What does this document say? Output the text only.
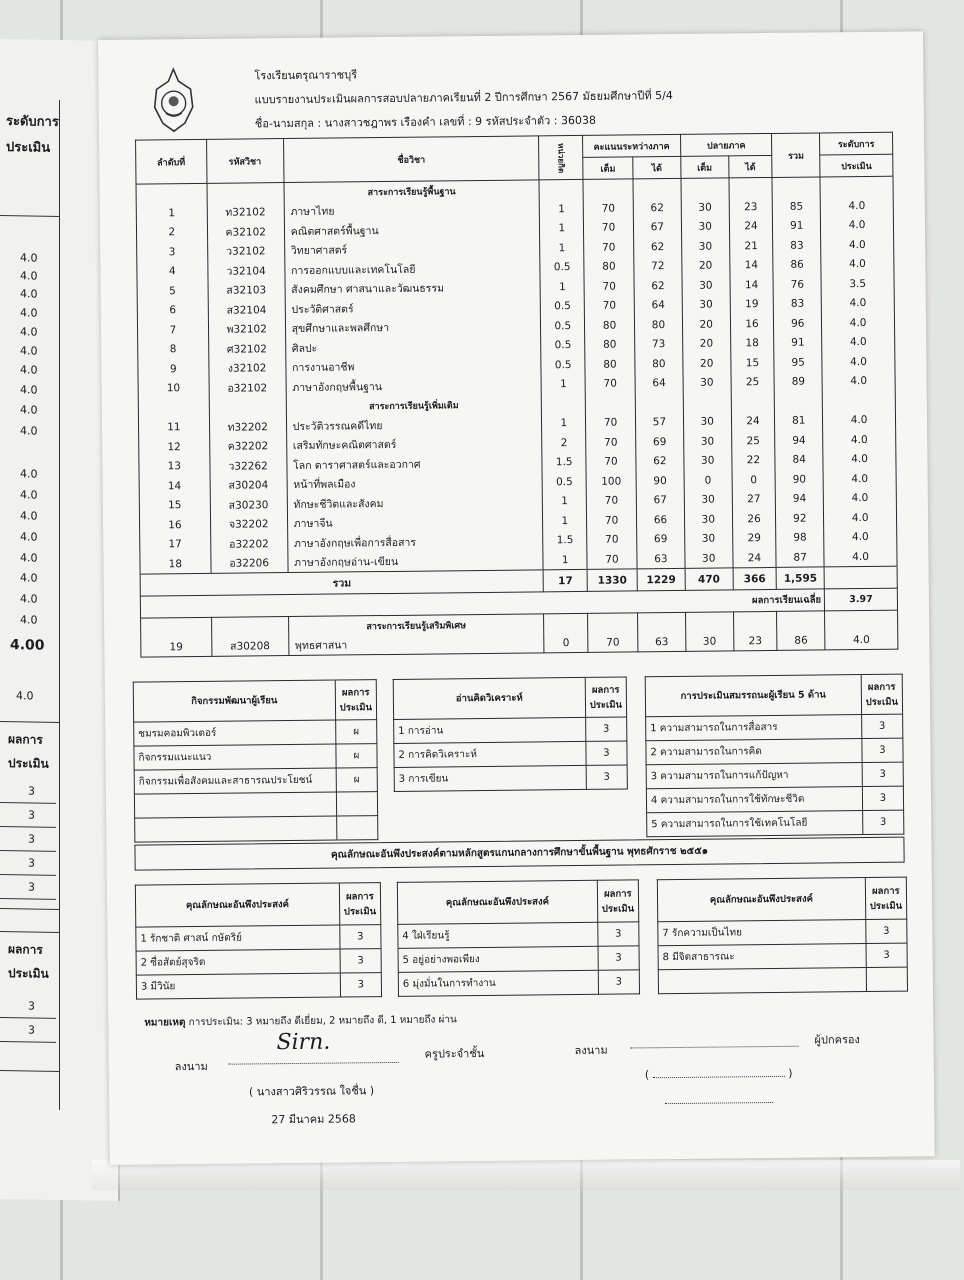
ระดับการ
ประเมิน
4.0
4.0
4.0
4.0
4.0
4.0
4.0
4.0
4.0
4.0
4.0
4.0
4.0
4.0
4.0
4.0
4.0
4.0
4.00
4.0
ผลการ
ประเมิน
3
3
3
3
3
ผลการ
ประเมิน
3
3
โรงเรียนตรุณาราชบุรี
แบบรายงานประเมินผลการสอบปลายภาคเรียนที่ 2 ปีการศึกษา 2567 มัธยมศึกษาปีที่ 5/4
ชื่อ-นามสกุล : นางสาวชฎาพร เรืองคำ เลขที่ : 9 รหัสประจำตัว : 36038
ลำดับที่	รหัสวิชา	ชื่อวิชา	หน่วยกิต	คะแนนระหว่างภาค		ปลายภาค		รวม	ระดับการ
				เต็ม	ได้	เต็ม	ได้		ประเมิน
		สาระการเรียนรู้พื้นฐาน							
1	ท32102	ภาษาไทย	1	70	62	30	23	85	4.0
2	ค32102	คณิตศาสตร์พื้นฐาน	1	70	67	30	24	91	4.0
3	ว32102	วิทยาศาสตร์	1	70	62	30	21	83	4.0
4	ว32104	การออกแบบและเทคโนโลยี	0.5	80	72	20	14	86	4.0
5	ส32103	สังคมศึกษา ศาสนาและวัฒนธรรม	1	70	62	30	14	76	3.5
6	ส32104	ประวัติศาสตร์	0.5	70	64	30	19	83	4.0
7	พ32102	สุขศึกษาและพลศึกษา	0.5	80	80	20	16	96	4.0
8	ศ32102	ศิลปะ	0.5	80	73	20	18	91	4.0
9	ง32102	การงานอาชีพ	0.5	80	80	20	15	95	4.0
10	อ32102	ภาษาอังกฤษพื้นฐาน	1	70	64	30	25	89	4.0
		สาระการเรียนรู้เพิ่มเติม							
11	ท32202	ประวัติวรรณคดีไทย	1	70	57	30	24	81	4.0
12	ค32202	เสริมทักษะคณิตศาสตร์	2	70	69	30	25	94	4.0
13	ว32262	โลก ดาราศาสตร์และอวกาศ	1.5	70	62	30	22	84	4.0
14	ส30204	หน้าที่พลเมือง	0.5	100	90	0	0	90	4.0
15	ส30230	ทักษะชีวิตและสังคม	1	70	67	30	27	94	4.0
16	จ32202	ภาษาจีน	1	70	66	30	26	92	4.0
17	อ32202	ภาษาอังกฤษเพื่อการสื่อสาร	1.5	70	69	30	29	98	4.0
18	อ32206	ภาษาอังกฤษอ่าน-เขียน	1	70	63	30	24	87	4.0
รวม			17	1330	1229	470	366	1,595	
ผลการเรียนเฉลี่ย									3.97
		สาระการเรียนรู้เสริมพิเศษ							
19	ส30208	พุทธศาสนา	0	70	63	30	23	86	4.0
กิจกรรมพัฒนาผู้เรียน	ผลการ
ประเมิน

ชมรมคอมพิวเตอร์	ผ
กิจกรรมแนะแนว	ผ
กิจกรรมเพื่อสังคมและสาธารณประโยชน์	ผ

อ่านคิดวิเคราะห์	ผลการ
ประเมิน

1 การอ่าน	3
2 การคิดวิเคราะห์	3
3 การเขียน	3
การประเมินสมรรถนะผู้เรียน 5 ด้าน	ผลการ
ประเมิน

1 ความสามารถในการสื่อสาร	3
2 ความสามารถในการคิด	3
3 ความสามารถในการแก้ปัญหา	3
4 ความสามารถในการใช้ทักษะชีวิต	3
5 ความสามารถในการใช้เทคโนโลยี	3
คุณลักษณะอันพึงประสงค์ตามหลักสูตรแกนกลางการศึกษาขั้นพื้นฐาน พุทธศักราช ๒๕๕๑
คุณลักษณะอันพึงประสงค์	ผลการ
ประเมิน

1 รักชาติ ศาสน์ กษัตริย์	3
2 ซื่อสัตย์สุจริต	3
3 มีวินัย	3
คุณลักษณะอันพึงประสงค์	ผลการ
ประเมิน

4 ใฝ่เรียนรู้	3
5 อยู่อย่างพอเพียง	3
6 มุ่งมั่นในการทำงาน	3
คุณลักษณะอันพึงประสงค์	ผลการ
ประเมิน

7 รักความเป็นไทย	3
8 มีจิตสาธารณะ	3

หมายเหตุ การประเมิน: 3 หมายถึง ดีเยี่ยม, 2 หมายถึง ดี, 1 หมายถึง ผ่าน
ลงนาม
Sirn.	ครูประจำชั้น
( นางสาวศิริวรรณ ใจชื่น )
27 มีนาคม 2568
ลงนาม
ผู้ปกครอง
(	)
